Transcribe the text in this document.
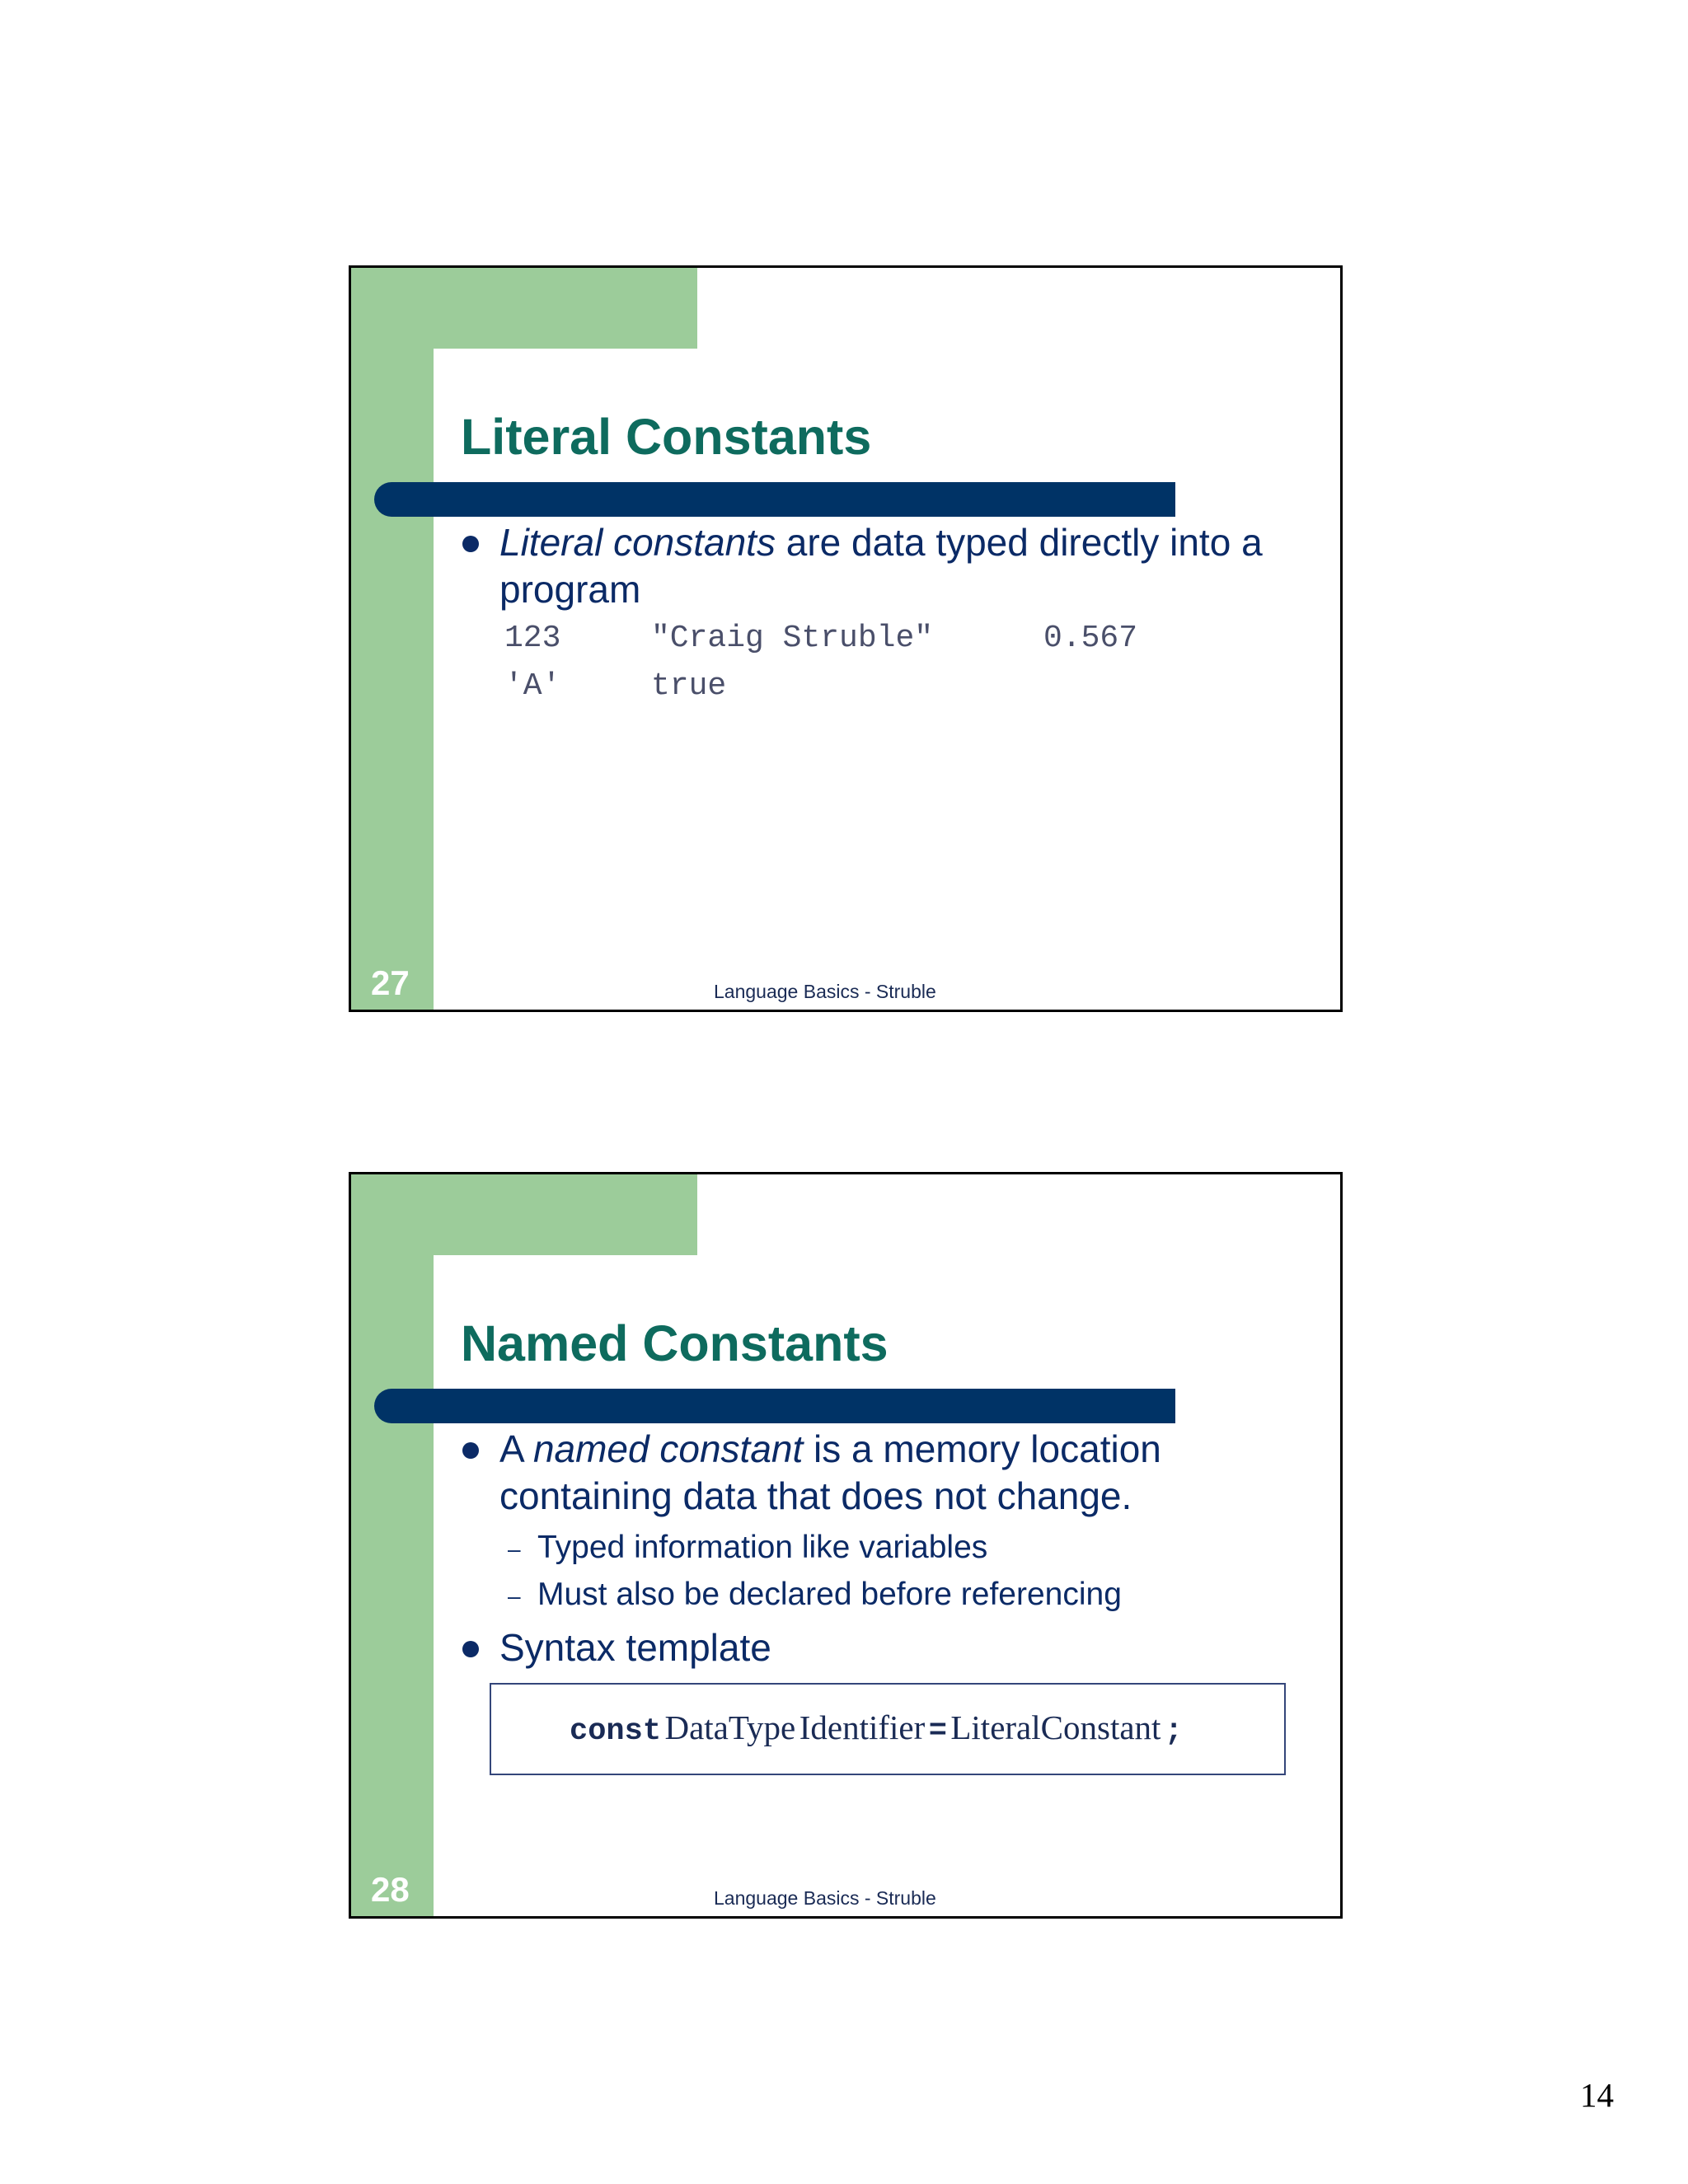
Literal Constants
Literal constants are data typed directly into a
program
123	"Craig Struble"	0.567
'A'	true
27	Language Basics - Struble
Named Constants
A named constant is a memory location
containing data that does not change.
– Typed information like variables
– Must also be declared before referencing
Syntax template
const DataType Identifier = LiteralConstant ;
28	Language Basics - Struble
14
